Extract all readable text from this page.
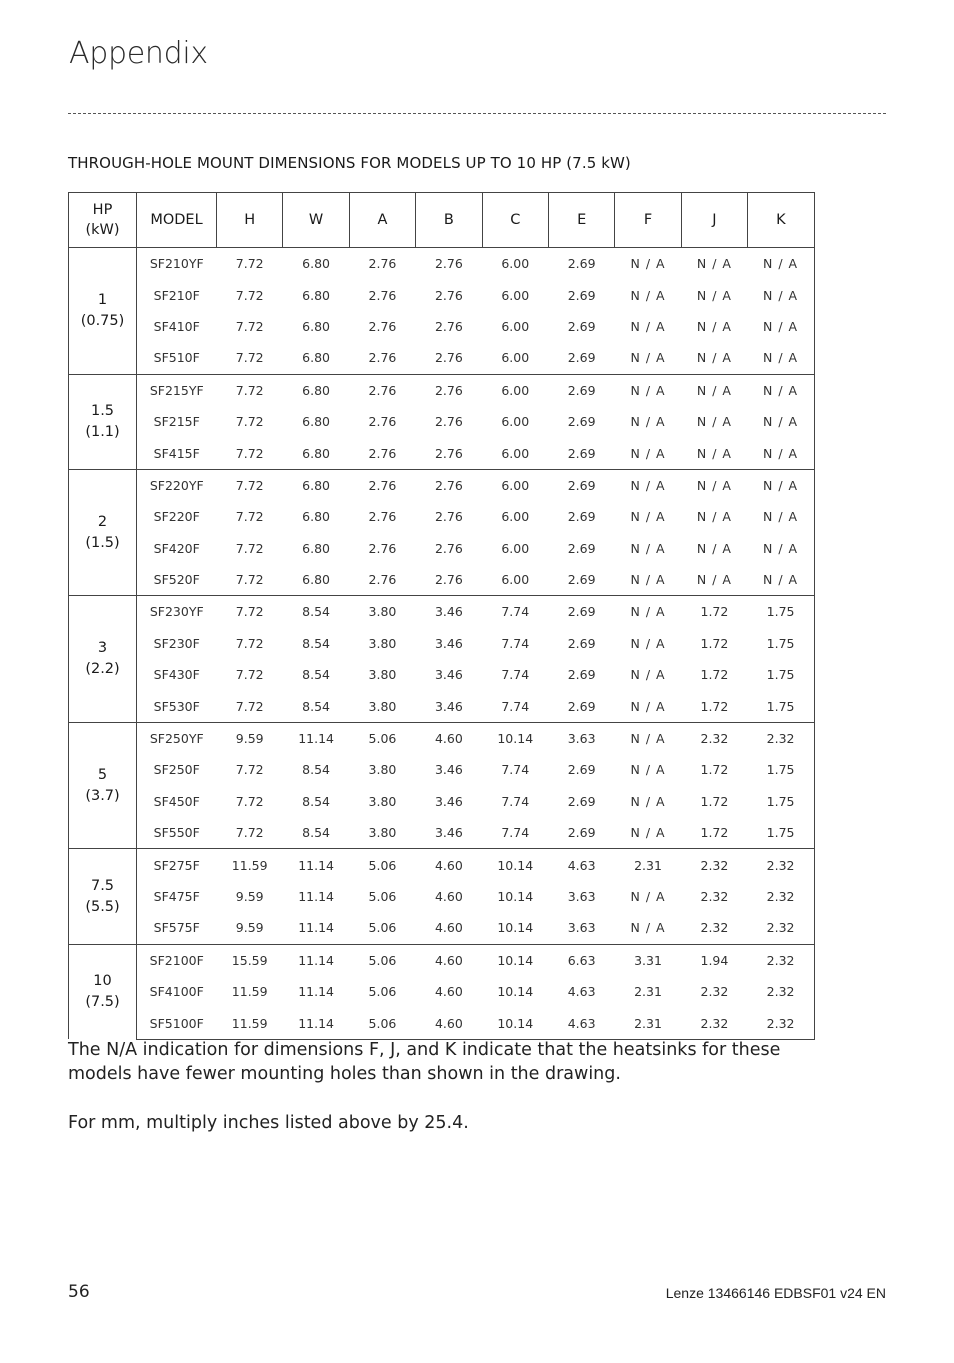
Appendix
THROUGH-HOLE MOUNT DIMENSIONS FOR MODELS UP TO 10 HP (7.5 kW)
HP
(kW)	MODEL	H	W	A	B	C	E	F	J	K
1
(0.75)	SF210YF	7.72	6.80	2.76	2.76	6.00	2.69	N / A	N / A	N / A
	SF210F	7.72	6.80	2.76	2.76	6.00	2.69	N / A	N / A	N / A
	SF410F	7.72	6.80	2.76	2.76	6.00	2.69	N / A	N / A	N / A
	SF510F	7.72	6.80	2.76	2.76	6.00	2.69	N / A	N / A	N / A
1.5
(1.1)	SF215YF	7.72	6.80	2.76	2.76	6.00	2.69	N / A	N / A	N / A
	SF215F	7.72	6.80	2.76	2.76	6.00	2.69	N / A	N / A	N / A
	SF415F	7.72	6.80	2.76	2.76	6.00	2.69	N / A	N / A	N / A
2
(1.5)	SF220YF	7.72	6.80	2.76	2.76	6.00	2.69	N / A	N / A	N / A
	SF220F	7.72	6.80	2.76	2.76	6.00	2.69	N / A	N / A	N / A
	SF420F	7.72	6.80	2.76	2.76	6.00	2.69	N / A	N / A	N / A
	SF520F	7.72	6.80	2.76	2.76	6.00	2.69	N / A	N / A	N / A
3
(2.2)	SF230YF	7.72	8.54	3.80	3.46	7.74	2.69	N / A	1.72	1.75
	SF230F	7.72	8.54	3.80	3.46	7.74	2.69	N / A	1.72	1.75
	SF430F	7.72	8.54	3.80	3.46	7.74	2.69	N / A	1.72	1.75
	SF530F	7.72	8.54	3.80	3.46	7.74	2.69	N / A	1.72	1.75
5
(3.7)	SF250YF	9.59	11.14	5.06	4.60	10.14	3.63	N / A	2.32	2.32
	SF250F	7.72	8.54	3.80	3.46	7.74	2.69	N / A	1.72	1.75
	SF450F	7.72	8.54	3.80	3.46	7.74	2.69	N / A	1.72	1.75
	SF550F	7.72	8.54	3.80	3.46	7.74	2.69	N / A	1.72	1.75
7.5
(5.5)	SF275F	11.59	11.14	5.06	4.60	10.14	4.63	2.31	2.32	2.32
	SF475F	9.59	11.14	5.06	4.60	10.14	3.63	N / A	2.32	2.32
	SF575F	9.59	11.14	5.06	4.60	10.14	3.63	N / A	2.32	2.32
10
(7.5)	SF2100F	15.59	11.14	5.06	4.60	10.14	6.63	3.31	1.94	2.32
	SF4100F	11.59	11.14	5.06	4.60	10.14	4.63	2.31	2.32	2.32
	SF5100F	11.59	11.14	5.06	4.60	10.14	4.63	2.31	2.32	2.32
The N/A indication for dimensions F, J, and K indicate that the heatsinks for these models have fewer mounting holes than shown in the drawing.
For mm, multiply inches listed above by 25.4.
56	Lenze 13466146 EDBSF01 v24 EN
